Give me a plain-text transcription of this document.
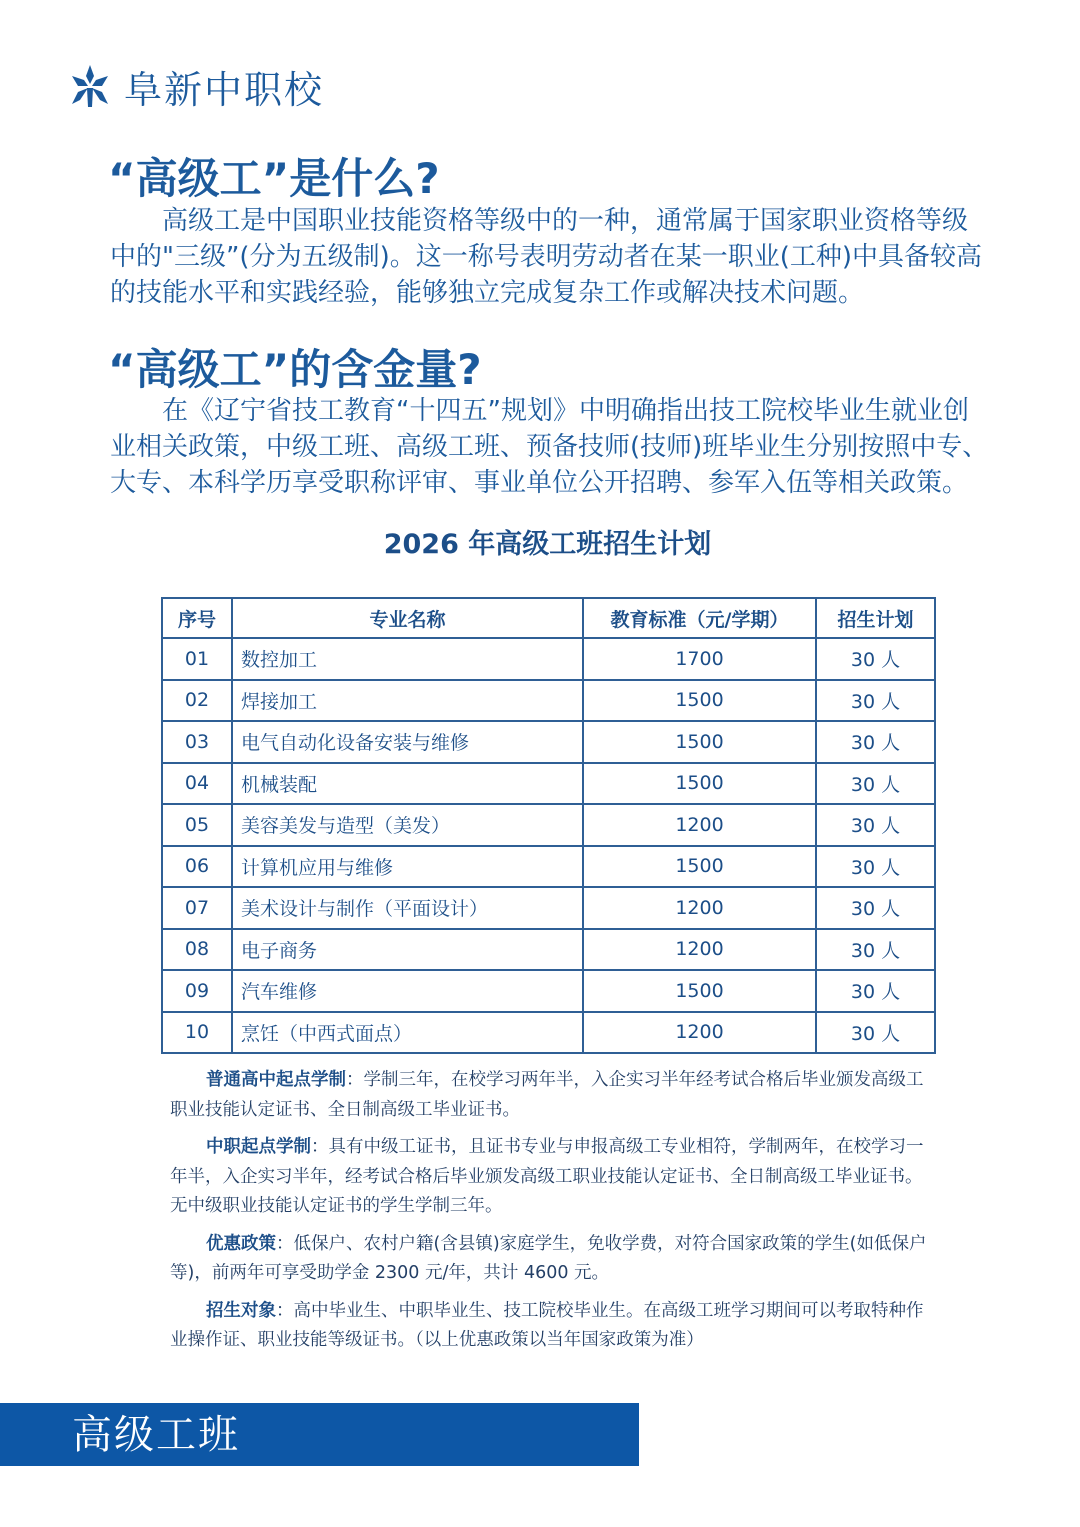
阜新中职校
“高级工”是什么?

高级工是中国职业技能资格等级中的一种，通常属于国家职业资格等级中的"三级”(分为五级制)。这一称号表明劳动者在某一职业(工种)中具备较高的技能水平和实践经验，能够独立完成复杂工作或解决技术问题。

“高级工”的含金量?

在《辽宁省技工教育“十四五”规划》中明确指出技工院校毕业生就业创业相关政策，中级工班、高级工班、预备技师(技师)班毕业生分别按照中专、大专、本科学历享受职称评审、事业单位公开招聘、参军入伍等相关政策。

2026 年高级工班招生计划
序号	专业名称	教育标准（元/学期）	招生计划
01	数控加工	1700	30 人
02	焊接加工	1500	30 人
03	电气自动化设备安装与维修	1500	30 人
04	机械装配	1500	30 人
05	美容美发与造型（美发）	1200	30 人
06	计算机应用与维修	1500	30 人
07	美术设计与制作（平面设计）	1200	30 人
08	电子商务	1200	30 人
09	汽车维修	1500	30 人
10	烹饪（中西式面点）	1200	30 人

普通高中起点学制：学制三年，在校学习两年半，入企实习半年经考试合格后毕业颁发高级工职业技能认定证书、全日制高级工毕业证书。

中职起点学制：具有中级工证书，且证书专业与申报高级工专业相符，学制两年，在校学习一年半，入企实习半年，经考试合格后毕业颁发高级工职业技能认定证书、全日制高级工毕业证书。无中级职业技能认定证书的学生学制三年。

优惠政策：低保户、农村户籍(含县镇)家庭学生，免收学费，对符合国家政策的学生(如低保户等)，前两年可享受助学金 2300 元/年，共计 4600 元。

招生对象：高中毕业生、中职毕业生、技工院校毕业生。在高级工班学习期间可以考取特种作业操作证、职业技能等级证书。（以上优惠政策以当年国家政策为准）

高级工班
